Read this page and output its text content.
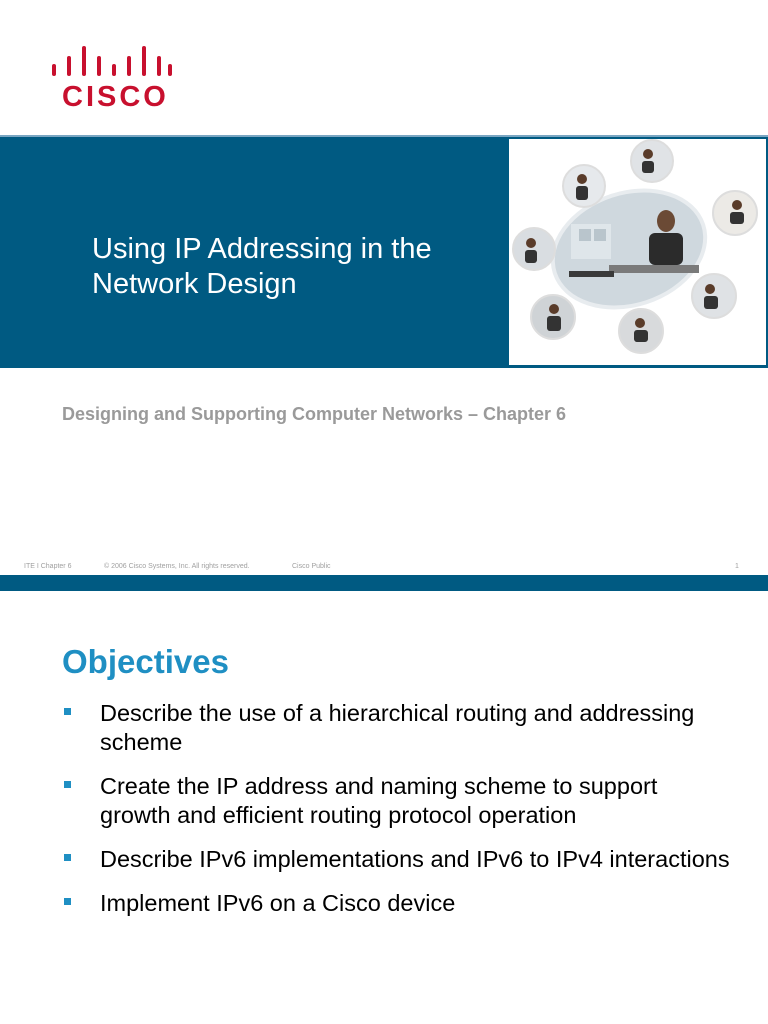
CISCO
Using IP Addressing in the Network Design
Designing and Supporting Computer Networks – Chapter 6
ITE I Chapter 6	© 2006 Cisco Systems, Inc. All rights reserved.	Cisco Public	1
Objectives
Describe the use of a hierarchical routing and addressing scheme
Create the IP address and naming scheme to support growth and efficient routing protocol operation
Describe IPv6 implementations and IPv6 to IPv4 interactions
Implement IPv6 on a Cisco device
